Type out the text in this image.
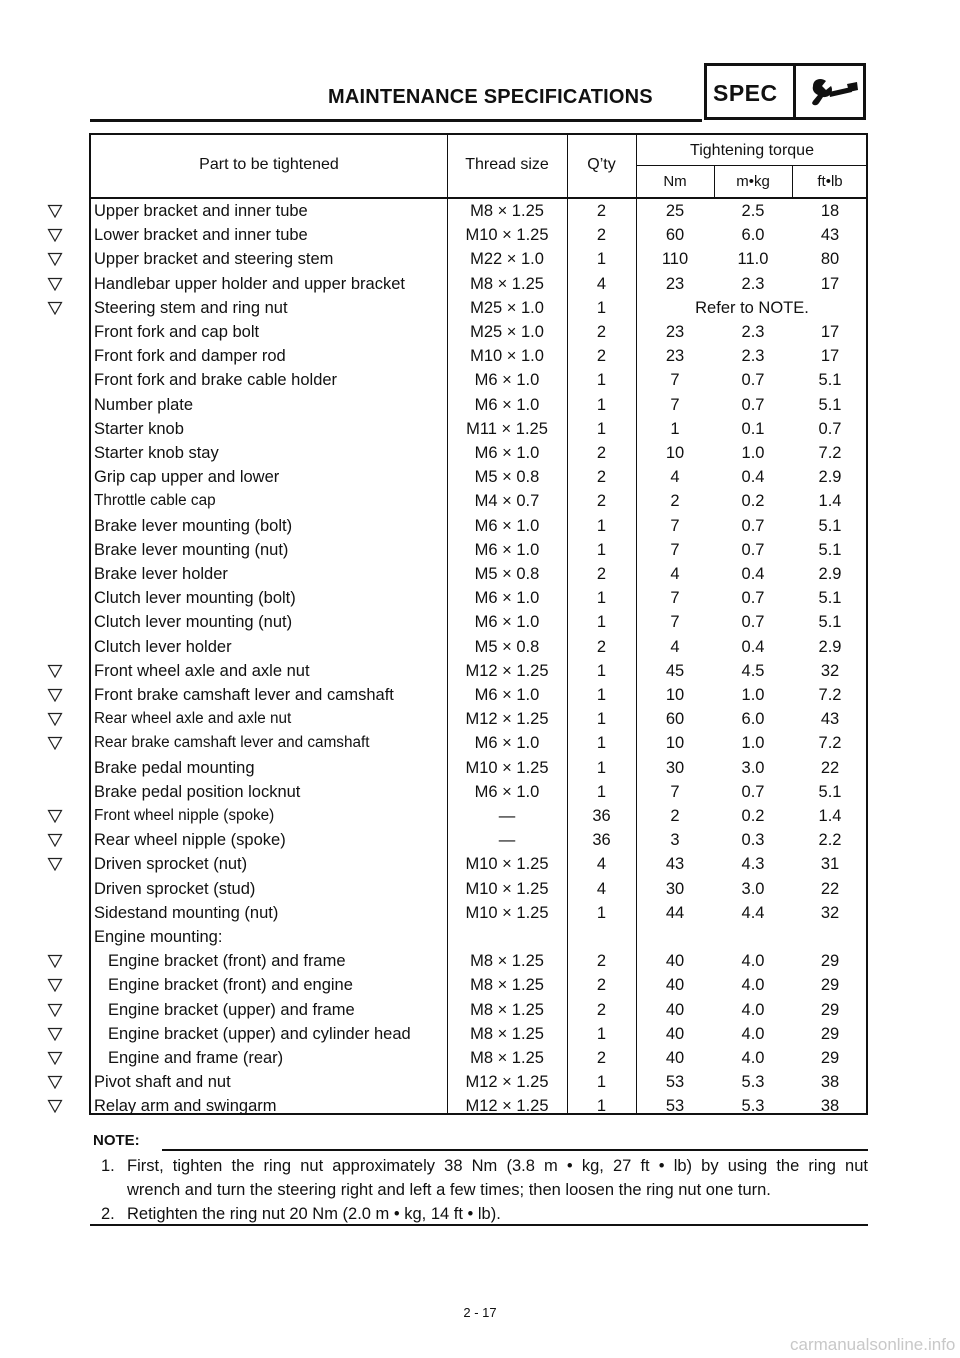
MAINTENANCE SPECIFICATIONS	SPEC
Part to be tightened	Thread size	Q’ty
Tightening torque
Nm	m•kg	ft•lb
Upper bracket and inner tube	M8 × 1.25	2	25	2.5	18
Lower bracket and inner tube	M10 × 1.25	2	60	6.0	43
Upper bracket and steering stem	M22 × 1.0	1	110	11.0	80
Handlebar upper holder and upper bracket	M8 × 1.25	4	23	2.3	17
Steering stem and ring nut	M25 × 1.0	1	Refer to NOTE.
Front fork and cap bolt	M25 × 1.0	2	23	2.3	17
Front fork and damper rod	M10 × 1.0	2	23	2.3	17
Front fork and brake cable holder	M6 × 1.0	1	7	0.7	5.1
Number plate	M6 × 1.0	1	7	0.7	5.1
Starter knob	M11 × 1.25	1	1	0.1	0.7
Starter knob stay	M6 × 1.0	2	10	1.0	7.2
Grip cap upper and lower	M5 × 0.8	2	4	0.4	2.9
Throttle cable cap	M4 × 0.7	2	2	0.2	1.4
Brake lever mounting (bolt)	M6 × 1.0	1	7	0.7	5.1
Brake lever mounting (nut)	M6 × 1.0	1	7	0.7	5.1
Brake lever holder	M5 × 0.8	2	4	0.4	2.9
Clutch lever mounting (bolt)	M6 × 1.0	1	7	0.7	5.1
Clutch lever mounting (nut)	M6 × 1.0	1	7	0.7	5.1
Clutch lever holder	M5 × 0.8	2	4	0.4	2.9
Front wheel axle and axle nut	M12 × 1.25	1	45	4.5	32
Front brake camshaft lever and camshaft	M6 × 1.0	1	10	1.0	7.2
Rear wheel axle and axle nut	M12 × 1.25	1	60	6.0	43
Rear brake camshaft lever and camshaft	M6 × 1.0	1	10	1.0	7.2
Brake pedal mounting	M10 × 1.25	1	30	3.0	22
Brake pedal position locknut	M6 × 1.0	1	7	0.7	5.1
Front wheel nipple (spoke)	—	36	2	0.2	1.4
Rear wheel nipple (spoke)	—	36	3	0.3	2.2
Driven sprocket (nut)	M10 × 1.25	4	43	4.3	31
Driven sprocket (stud)	M10 × 1.25	4	30	3.0	22
Sidestand mounting (nut)	M10 × 1.25	1	44	4.4	32
Engine mounting:
Engine bracket (front) and frame	M8 × 1.25	2	40	4.0	29
Engine bracket (front) and engine	M8 × 1.25	2	40	4.0	29
Engine bracket (upper) and frame	M8 × 1.25	2	40	4.0	29
Engine bracket (upper) and cylinder head	M8 × 1.25	1	40	4.0	29
Engine and frame (rear)	M8 × 1.25	2	40	4.0	29
Pivot shaft and nut	M12 × 1.25	1	53	5.3	38
Relay arm and swingarm	M12 × 1.25	1	53	5.3	38
NOTE:
1. First, tighten the ring nut approximately 38 Nm (3.8 m • kg, 27 ft • lb) by using the ring nut
wrench and turn the steering right and left a few times; then loosen the ring nut one turn.
2. Retighten the ring nut 20 Nm (2.0 m • kg, 14 ft • lb).
2 - 17
carmanualsonline.info
